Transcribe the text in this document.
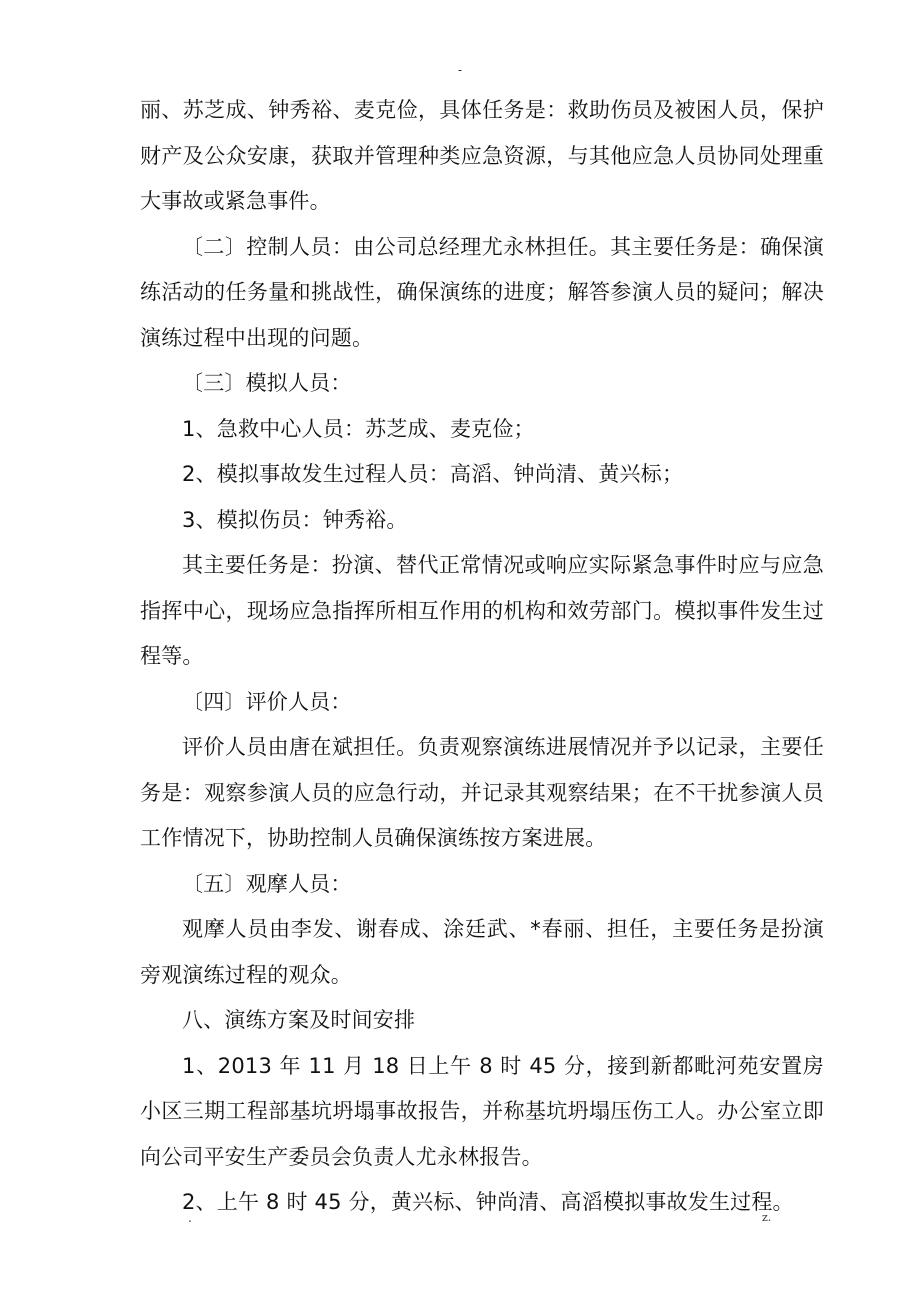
-

丽、苏芝成、钟秀裕、麦克俭，具体任务是：救助伤员及被困人员，保护财产及公众安康，获取并管理种类应急资源，与其他应急人员协同处理重大事故或紧急事件。

〔二〕控制人员：由公司总经理尤永林担任。其主要任务是：确保演练活动的任务量和挑战性，确保演练的进度；解答参演人员的疑问；解决演练过程中出现的问题。

〔三〕模拟人员：

1、急救中心人员：苏芝成、麦克俭；

2、模拟事故发生过程人员：高滔、钟尚清、黄兴标；

3、模拟伤员：钟秀裕。

其主要任务是：扮演、替代正常情况或响应实际紧急事件时应与应急指挥中心，现场应急指挥所相互作用的机构和效劳部门。模拟事件发生过程等。

〔四〕评价人员：

评价人员由唐在斌担任。负责观察演练进展情况并予以记录，主要任务是：观察参演人员的应急行动，并记录其观察结果；在不干扰参演人员工作情况下，协助控制人员确保演练按方案进展。

〔五〕观摩人员：

观摩人员由李发、谢春成、涂廷武、*春丽、担任，主要任务是扮演旁观演练过程的观众。

八、演练方案及时间安排

1、2013 年 11 月 18 日上午 8 时 45 分，接到新都毗河苑安置房小区三期工程部基坑坍塌事故报告，并称基坑坍塌压伤工人。办公室立即向公司平安生产委员会负责人尤永林报告。

2、上午 8 时 45 分，黄兴标、钟尚清、高滔模拟事故发生过程。

.	z.
